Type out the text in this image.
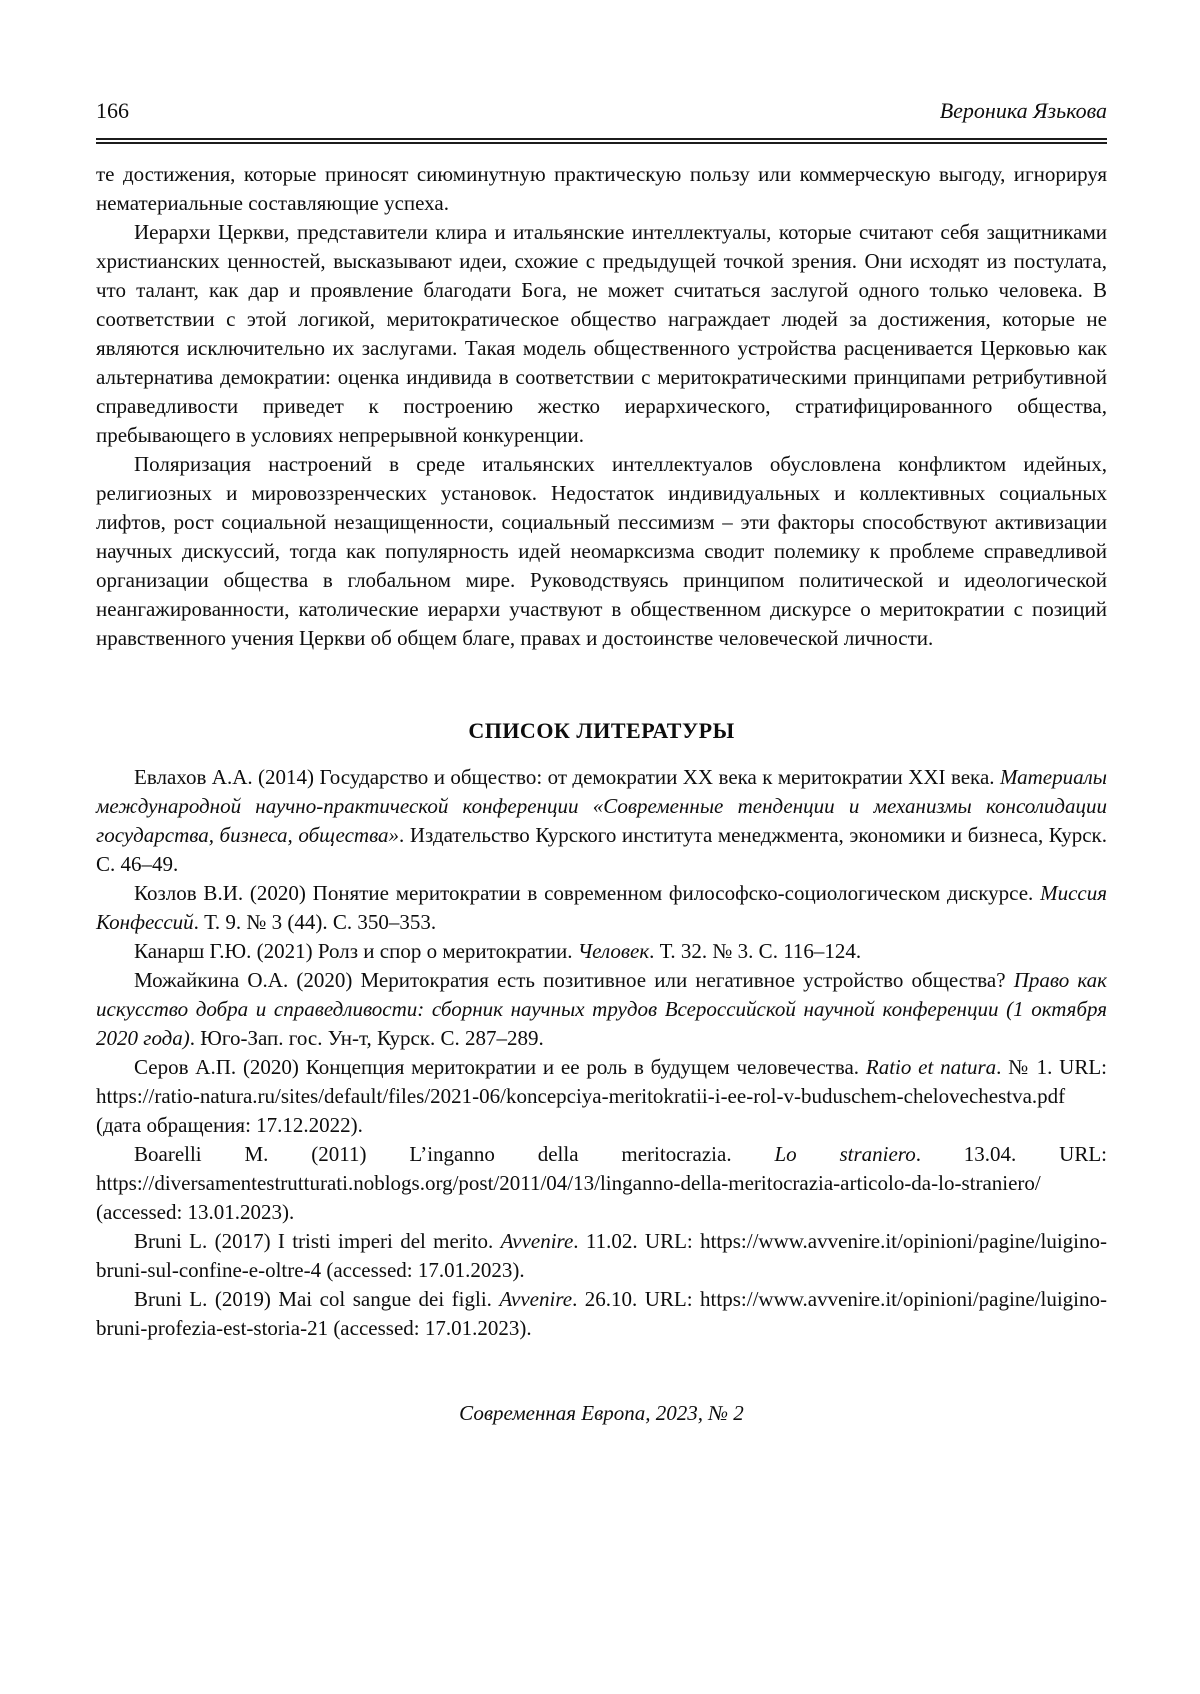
166	Вероника Язькова

те достижения, которые приносят сиюминутную практическую пользу или коммерческую выгоду, игнорируя нематериальные составляющие успеха.

Иерархи Церкви, представители клира и итальянские интеллектуалы, которые считают себя защитниками христианских ценностей, высказывают идеи, схожие с предыдущей точкой зрения. Они исходят из постулата, что талант, как дар и проявление благодати Бога, не может считаться заслугой одного только человека. В соответствии с этой логикой, меритократическое общество награждает людей за достижения, которые не являются исключительно их заслугами. Такая модель общественного устройства расценивается Церковью как альтернатива демократии: оценка индивида в соответствии с меритократическими принципами ретрибутивной справедливости приведет к построению жестко иерархического, стратифицированного общества, пребывающего в условиях непрерывной конкуренции.

Поляризация настроений в среде итальянских интеллектуалов обусловлена конфликтом идейных, религиозных и мировоззренческих установок. Недостаток индивидуальных и коллективных социальных лифтов, рост социальной незащищенности, социальный пессимизм – эти факторы способствуют активизации научных дискуссий, тогда как популярность идей неомарксизма сводит полемику к проблеме справедливой организации общества в глобальном мире. Руководствуясь принципом политической и идеологической неангажированности, католические иерархи участвуют в общественном дискурсе о меритократии с позиций нравственного учения Церкви об общем благе, правах и достоинстве человеческой личности.

СПИСОК ЛИТЕРАТУРЫ

Евлахов А.А. (2014) Государство и общество: от демократии XX века к меритократии XXI века. Материалы международной научно-практической конференции «Современные тенденции и механизмы консолидации государства, бизнеса, общества». Издательство Курского института менеджмента, экономики и бизнеса, Курск. С. 46–49.

Козлов В.И. (2020) Понятие меритократии в современном философско-социологическом дискурсе. Миссия Конфессий. Т. 9. № 3 (44). С. 350–353.

Канарш Г.Ю. (2021) Ролз и спор о меритократии. Человек. Т. 32. № 3. С. 116–124.

Можайкина О.А. (2020) Меритократия есть позитивное или негативное устройство общества? Право как искусство добра и справедливости: сборник научных трудов Всероссийской научной конференции (1 октября 2020 года). Юго-Зап. гос. Ун-т, Курск. С. 287–289.

Серов А.П. (2020) Концепция меритократии и ее роль в будущем человечества. Ratio et natura. № 1. URL: https://ratio-natura.ru/sites/default/files/2021-06/koncepciya-meritokratii-i-ee-rol-v-buduschem-chelovechestva.pdf (дата обращения: 17.12.2022).

Boarelli M. (2011) L’inganno della meritocrazia. Lo straniero. 13.04. URL: https://diversamentestrutturati.noblogs.org/post/2011/04/13/linganno-della-meritocrazia-articolo-da-lo-straniero/ (accessed: 13.01.2023).

Bruni L. (2017) I tristi imperi del merito. Avvenire. 11.02. URL: https://www.avvenire.it/opinioni/pagine/luigino-bruni-sul-confine-e-oltre-4 (accessed: 17.01.2023).

Bruni L. (2019) Mai col sangue dei figli. Avvenire. 26.10. URL: https://www.avvenire.it/opinioni/pagine/luigino-bruni-profezia-est-storia-21 (accessed: 17.01.2023).

Современная Европа, 2023, № 2
